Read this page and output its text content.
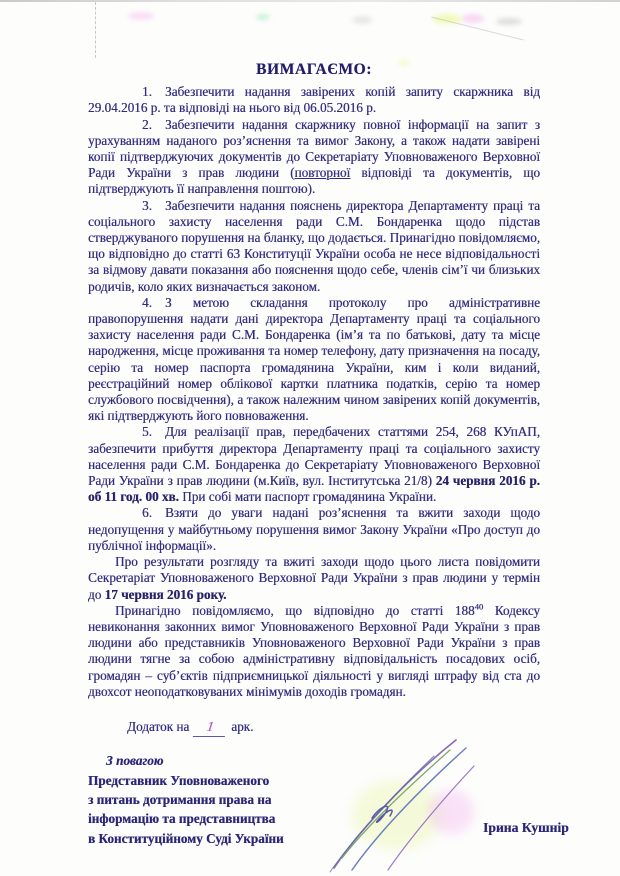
ВИМАГАЄМО:

1. Забезпечити надання завірених копій запиту скаржника від 29.04.2016 р. та відповіді на нього від 06.05.2016 р.

2. Забезпечити надання скаржнику повної інформації на запит з урахуванням наданого роз’яснення та вимог Закону, а також надати завірені копії підтверджуючих документів до Секретаріату Уповноваженого Верховної Ради України з прав людини (повторної відповіді та документів, що підтверджують її направлення поштою).

3. Забезпечити надання пояснень директора Департаменту праці та соціального захисту населення ради С.М. Бондаренка щодо підстав стверджуваного порушення на бланку, що додається. Принагідно повідомляємо, що відповідно до статті 63 Конституції України особа не несе відповідальності за відмову давати показання або пояснення щодо себе, членів сім’ї чи близьких родичів, коло яких визначається законом.

4. З метою складання протоколу про адміністративне правопорушення надати дані директора Департаменту праці та соціального захисту населення ради С.М. Бондаренка (ім’я та по батькові, дату та місце народження, місце проживання та номер телефону, дату призначення на посаду, серію та номер паспорта громадянина України, ким і коли виданий, реєстраційний номер облікової картки платника податків, серію та номер службового посвідчення), а також належним чином завірених копій документів, які підтверджують його повноваження.

5. Для реалізації прав, передбачених статтями 254, 268 КУпАП, забезпечити прибуття директора Департаменту праці та соціального захисту населення ради С.М. Бондаренка до Секретаріату Уповноваженого Верховної Ради України з прав людини (м.Київ, вул. Інститутська 21/8) 24 червня 2016 р. об 11 год. 00 хв. При собі мати паспорт громадянина України.

6. Взяти до уваги надані роз’яснення та вжити заходи щодо недопущення у майбутньому порушення вимог Закону України «Про доступ до публічної інформації».

Про результати розгляду та вжиті заходи щодо цього листа повідомити Секретаріат Уповноваженого Верховної Ради України з прав людини у термін до 17 червня 2016 року.

Принагідно повідомляємо, що відповідно до статті $188^{40}$ Кодексу невиконання законних вимог Уповноваженого Верховної Ради України з прав людини або представників Уповноваженого Верховної Ради України з прав людини тягне за собою адміністративну відповідальність посадових осіб, громадян – суб’єктів підприємницької діяльності у вигляді штрафу від ста до двохсот неоподатковуваних мінімумів доходів громадян.

Додаток на 1 арк.

З повагою
Представник Уповноваженого
з питань дотримання права на
інформацію та представництва
в Конституційному Суді України
Ірина Кушнір
